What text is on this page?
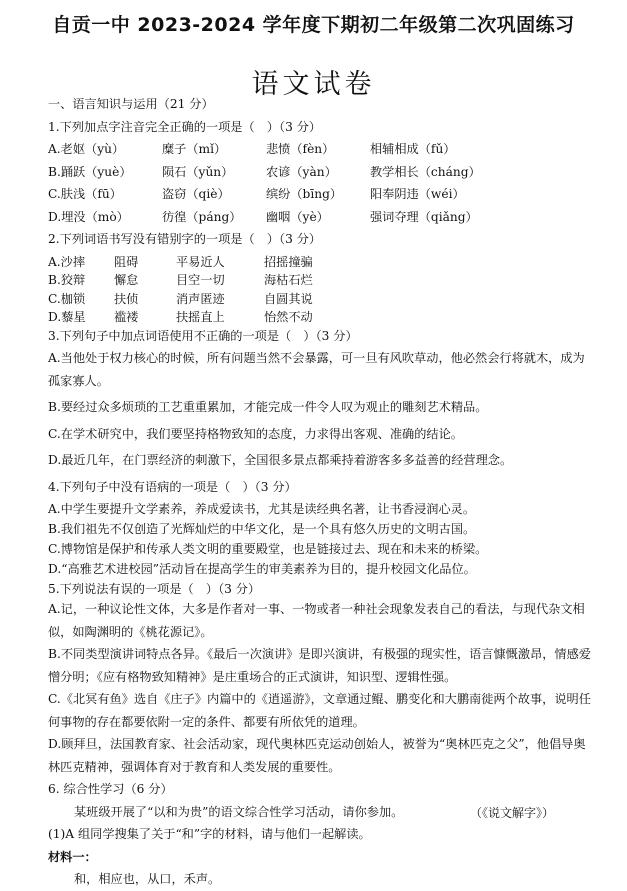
自贡一中 2023-2024 学年度下期初二年级第二次巩固练习
语文试卷
一、语言知识与运用（21 分）
1.下列加点字注音完全正确的一项是（　）（3 分）
A.老妪（yù）	糜子（mǐ）	悲愤（fèn）	相辅相成（fǔ）
B.踊跃（yuè）	陨石（yǔn）	农谚（yàn）	教学相长（cháng）
C.肤浅（fū）	盗窃（qiè）	缤纷（bīng）	阳奉阴违（wéi）
D.埋没（mò）	彷徨（páng）	幽咽（yè）	强词夺理（qiǎng）
2.下列词语书写没有错别字的一项是（　）（3 分）
A.沙摔	阻碍	平易近人	招摇撞骗
B.狡辩	懈怠	目空一切	海枯石烂
C.枷锁	扶侦	消声匿迹	自圆其说
D.藜星	褴褛	扶摇直上	怡然不动
3.下列句子中加点词语使用不正确的一项是（　）（3 分）
A.当他处于权力核心的时候，所有问题当然不会暴露，可一旦有风吹草动，他必然会行将就木，成为孤家寡人。
B.要经过众多烦琐的工艺重重累加，才能完成一件令人叹为观止的雕刻艺术精品。
C.在学术研究中，我们要坚持格物致知的态度，力求得出客观、准确的结论。
D.最近几年，在门票经济的刺激下，全国很多景点都乘持着游客多多益善的经营理念。
4.下列句子中没有语病的一项是（　）（3 分）
A.中学生要提升文学素养，养成爱读书，尤其是读经典名著，让书香浸润心灵。
B.我们祖先不仅创造了光辉灿烂的中华文化，是一个具有悠久历史的文明古国。
C.博物馆是保护和传承人类文明的重要殿堂，也是链接过去、现在和未来的桥梁。
D.“高雅艺术进校园”活动旨在提高学生的审美素养为目的，提升校园文化品位。
5.下列说法有误的一项是（　）（3 分）
A.记，一种议论性文体，大多是作者对一事、一物或者一种社会现象发表自己的看法，与现代杂文相似，如陶渊明的《桃花源记》。
B.不同类型演讲词特点各异。《最后一次演讲》是即兴演讲，有极强的现实性，语言慷慨激昂，情感爱憎分明；《应有格物致知精神》是庄重场合的正式演讲，知识型、逻辑性强。
C.《北冥有鱼》选自《庄子》内篇中的《逍遥游》，文章通过鲲、鹏变化和大鹏南徙两个故事，说明任何事物的存在都要依附一定的条件、都要有所依凭的道理。
D.顾拜旦，法国教育家、社会活动家，现代奥林匹克运动创始人，被誉为“奥林匹克之父”，他倡导奥林匹克精神，强调体育对于教育和人类发展的重要性。
6. 综合性学习（6 分）
某班级开展了“以和为贵”的语文综合性学习活动，请你参加。
(1)A 组同学搜集了关于“和”字的材料，请与他们一起解读。
材料一：
和，相应也，从口，禾声。
（《说文解字》）
